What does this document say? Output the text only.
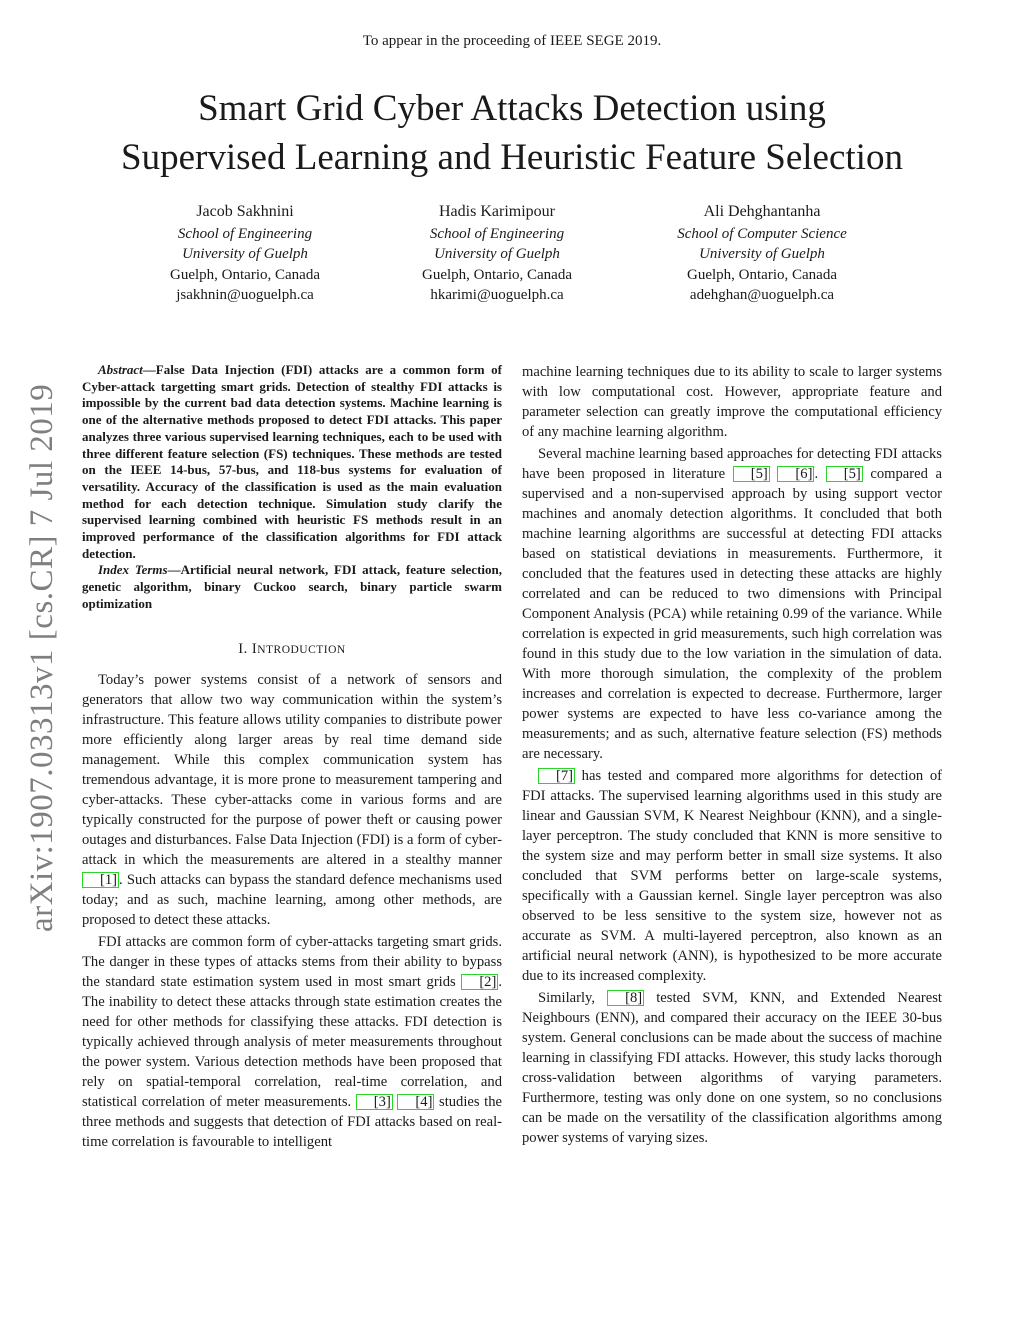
To appear in the proceeding of IEEE SEGE 2019.
Smart Grid Cyber Attacks Detection using
Supervised Learning and Heuristic Feature Selection
Jacob Sakhnini
School of Engineering
University of Guelph
Guelph, Ontario, Canada
jsakhnin@uoguelph.ca
Hadis Karimipour
School of Engineering
University of Guelph
Guelph, Ontario, Canada
hkarimi@uoguelph.ca
Ali Dehghantanha
School of Computer Science
University of Guelph
Guelph, Ontario, Canada
adehghan@uoguelph.ca
arXiv:1907.03313v1 [cs.CR] 7 Jul 2019

Abstract—False Data Injection (FDI) attacks are a common form of Cyber-attack targetting smart grids. Detection of stealthy FDI attacks is impossible by the current bad data detection systems. Machine learning is one of the alternative methods proposed to detect FDI attacks. This paper analyzes three various supervised learning techniques, each to be used with three different feature selection (FS) techniques. These methods are tested on the IEEE 14-bus, 57-bus, and 118-bus systems for evaluation of versatility. Accuracy of the classification is used as the main evaluation method for each detection technique. Simulation study clarify the supervised learning combined with heuristic FS methods result in an improved performance of the classification algorithms for FDI attack detection.

Index Terms—Artificial neural network, FDI attack, feature selection, genetic algorithm, binary Cuckoo search, binary particle swarm optimization

I. INTRODUCTION

Today’s power systems consist of a network of sensors and generators that allow two way communication within the system’s infrastructure. This feature allows utility companies to distribute power more efficiently along larger areas by real time demand side management. While this complex communication system has tremendous advantage, it is more prone to measurement tampering and cyber-attacks. These cyber-attacks come in various forms and are typically constructed for the purpose of power theft or causing power outages and disturbances. False Data Injection (FDI) is a form of cyber-attack in which the measurements are altered in a stealthy manner [1] . Such attacks can bypass the standard defence mechanisms used today; and as such, machine learning, among other methods, are proposed to detect these attacks.

FDI attacks are common form of cyber-attacks targeting smart grids. The danger in these types of attacks stems from their ability to bypass the standard state estimation system used in most smart grids [2] . The inability to detect these attacks through state estimation creates the need for other methods for classifying these attacks. FDI detection is typically achieved through analysis of meter measurements throughout the power system. Various detection methods have been proposed that rely on spatial-temporal correlation, real-time correlation, and statistical correlation of meter measurements. [3] [4] studies the three methods and suggests that detection of FDI attacks based on real-time correlation is favourable to intelligent

machine learning techniques due to its ability to scale to larger systems with low computational cost. However, appropriate feature and parameter selection can greatly improve the computational efficiency of any machine learning algorithm.

Several machine learning based approaches for detecting FDI attacks have been proposed in literature [5] [6] . [5] compared a supervised and a non-supervised approach by using support vector machines and anomaly detection algorithms. It concluded that both machine learning algorithms are successful at detecting FDI attacks based on statistical deviations in measurements. Furthermore, it concluded that the features used in detecting these attacks are highly correlated and can be reduced to two dimensions with Principal Component Analysis (PCA) while retaining 0.99 of the variance. While correlation is expected in grid measurements, such high correlation was found in this study due to the low variation in the simulation of data. With more thorough simulation, the complexity of the problem increases and correlation is expected to decrease. Furthermore, larger power systems are expected to have less co-variance among the measurements; and as such, alternative feature selection (FS) methods are necessary.

[7] has tested and compared more algorithms for detection of FDI attacks. The supervised learning algorithms used in this study are linear and Gaussian SVM, K Nearest Neighbour (KNN), and a single-layer perceptron. The study concluded that KNN is more sensitive to the system size and may perform better in small size systems. It also concluded that SVM performs better on large-scale systems, specifically with a Gaussian kernel. Single layer perceptron was also observed to be less sensitive to the system size, however not as accurate as SVM. A multi-layered perceptron, also known as an artificial neural network (ANN), is hypothesized to be more accurate due to its increased complexity.

Similarly, [8] tested SVM, KNN, and Extended Nearest Neighbours (ENN), and compared their accuracy on the IEEE 30-bus system. General conclusions can be made about the success of machine learning in classifying FDI attacks. However, this study lacks thorough cross-validation between algorithms of varying parameters. Furthermore, testing was only done on one system, so no conclusions can be made on the versatility of the classification algorithms among power systems of varying sizes.
